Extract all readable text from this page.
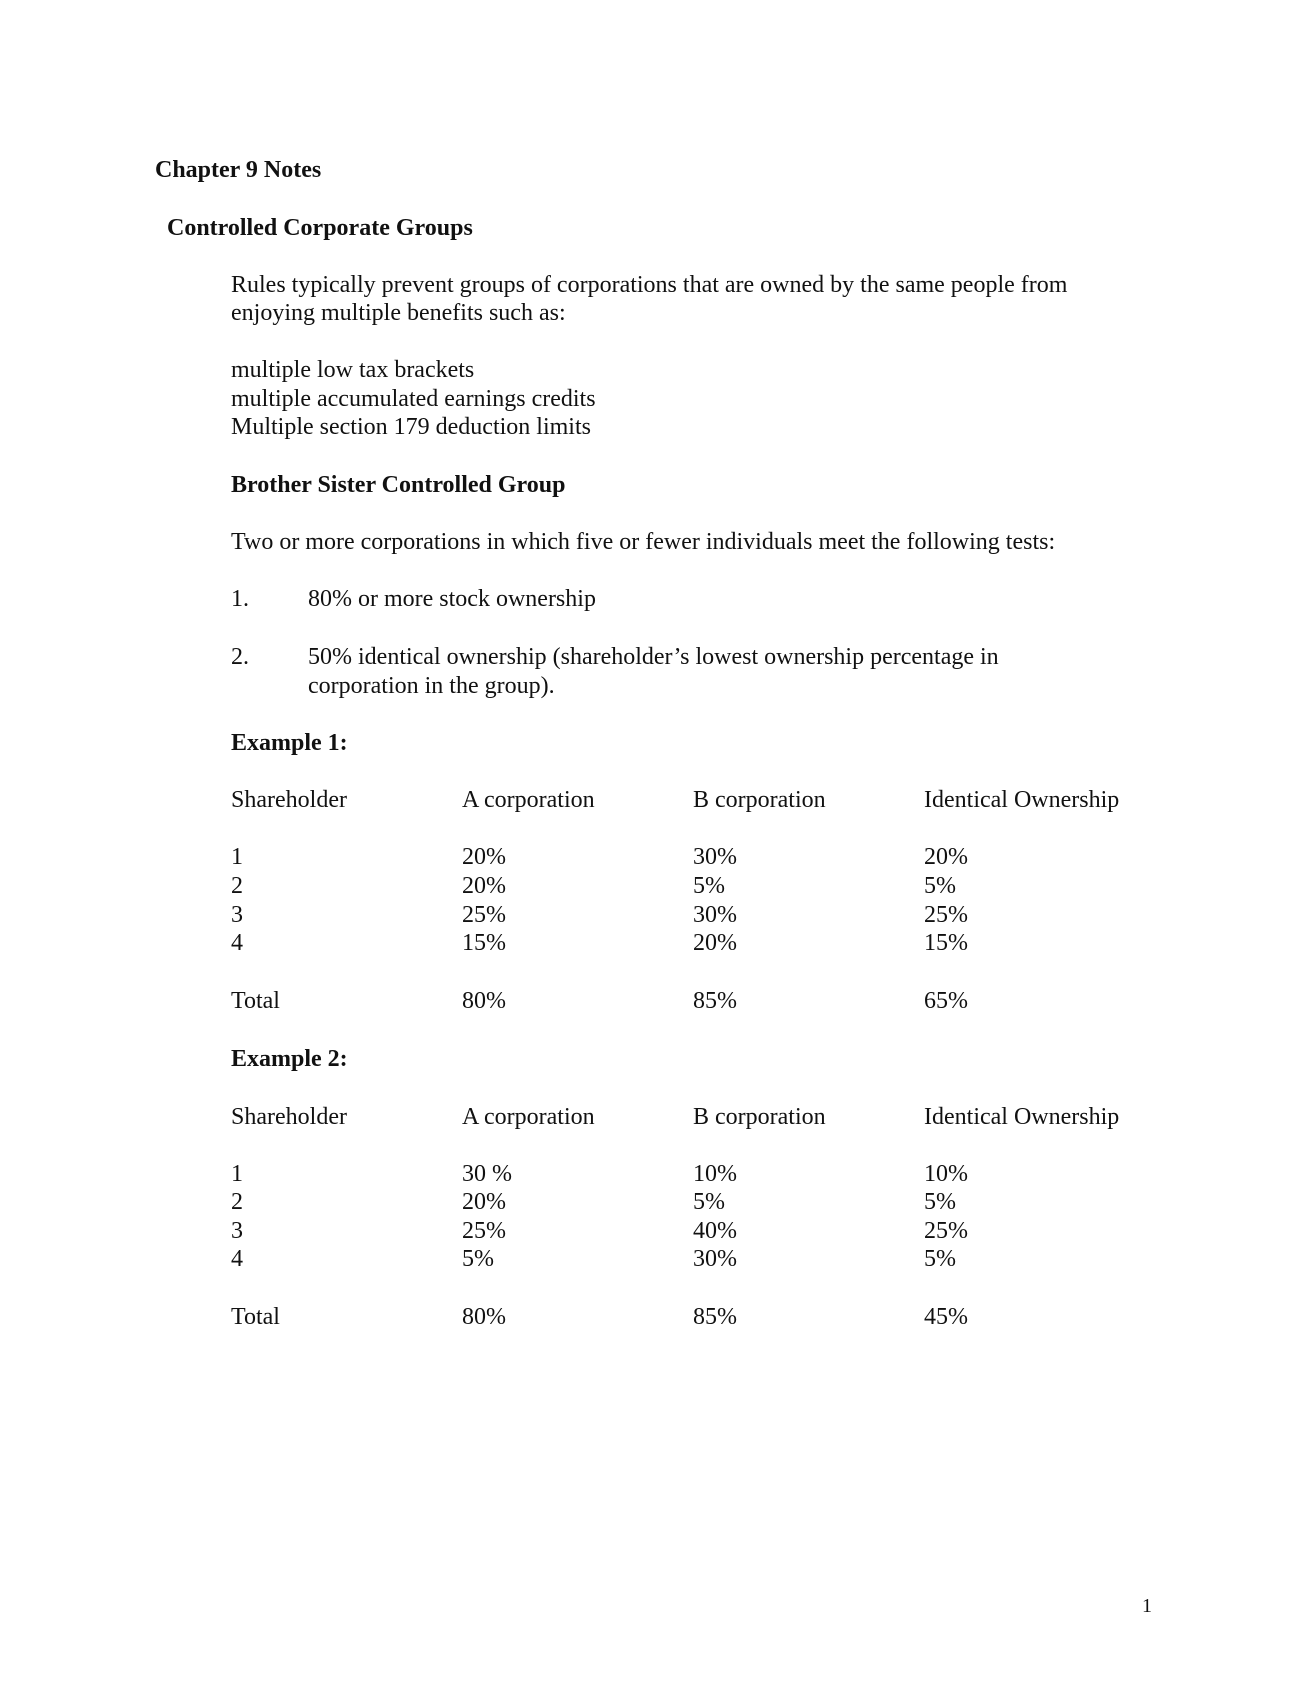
Chapter 9 Notes
Controlled Corporate Groups
Rules typically prevent groups of corporations that are owned by the same people from
enjoying multiple benefits such as:
multiple low tax brackets
multiple accumulated earnings credits
Multiple section 179 deduction limits
Brother Sister Controlled Group
Two or more corporations in which five or fewer individuals meet the following tests:
1. 80% or more stock ownership
2. 50% identical ownership (shareholder’s lowest ownership percentage in
corporation in the group).
Example 1:
Shareholder	A corporation	B corporation	Identical Ownership
1	20%	30%	20%
2	20%	5%	5%
3	25%	30%	25%
4	15%	20%	15%
Total	80%	85%	65%
Example 2:
Shareholder	A corporation	B corporation	Identical Ownership
1	30 %	10%	10%
2	20%	5%	5%
3	25%	40%	25%
4	5%	30%	5%
Total	80%	85%	45%
1
